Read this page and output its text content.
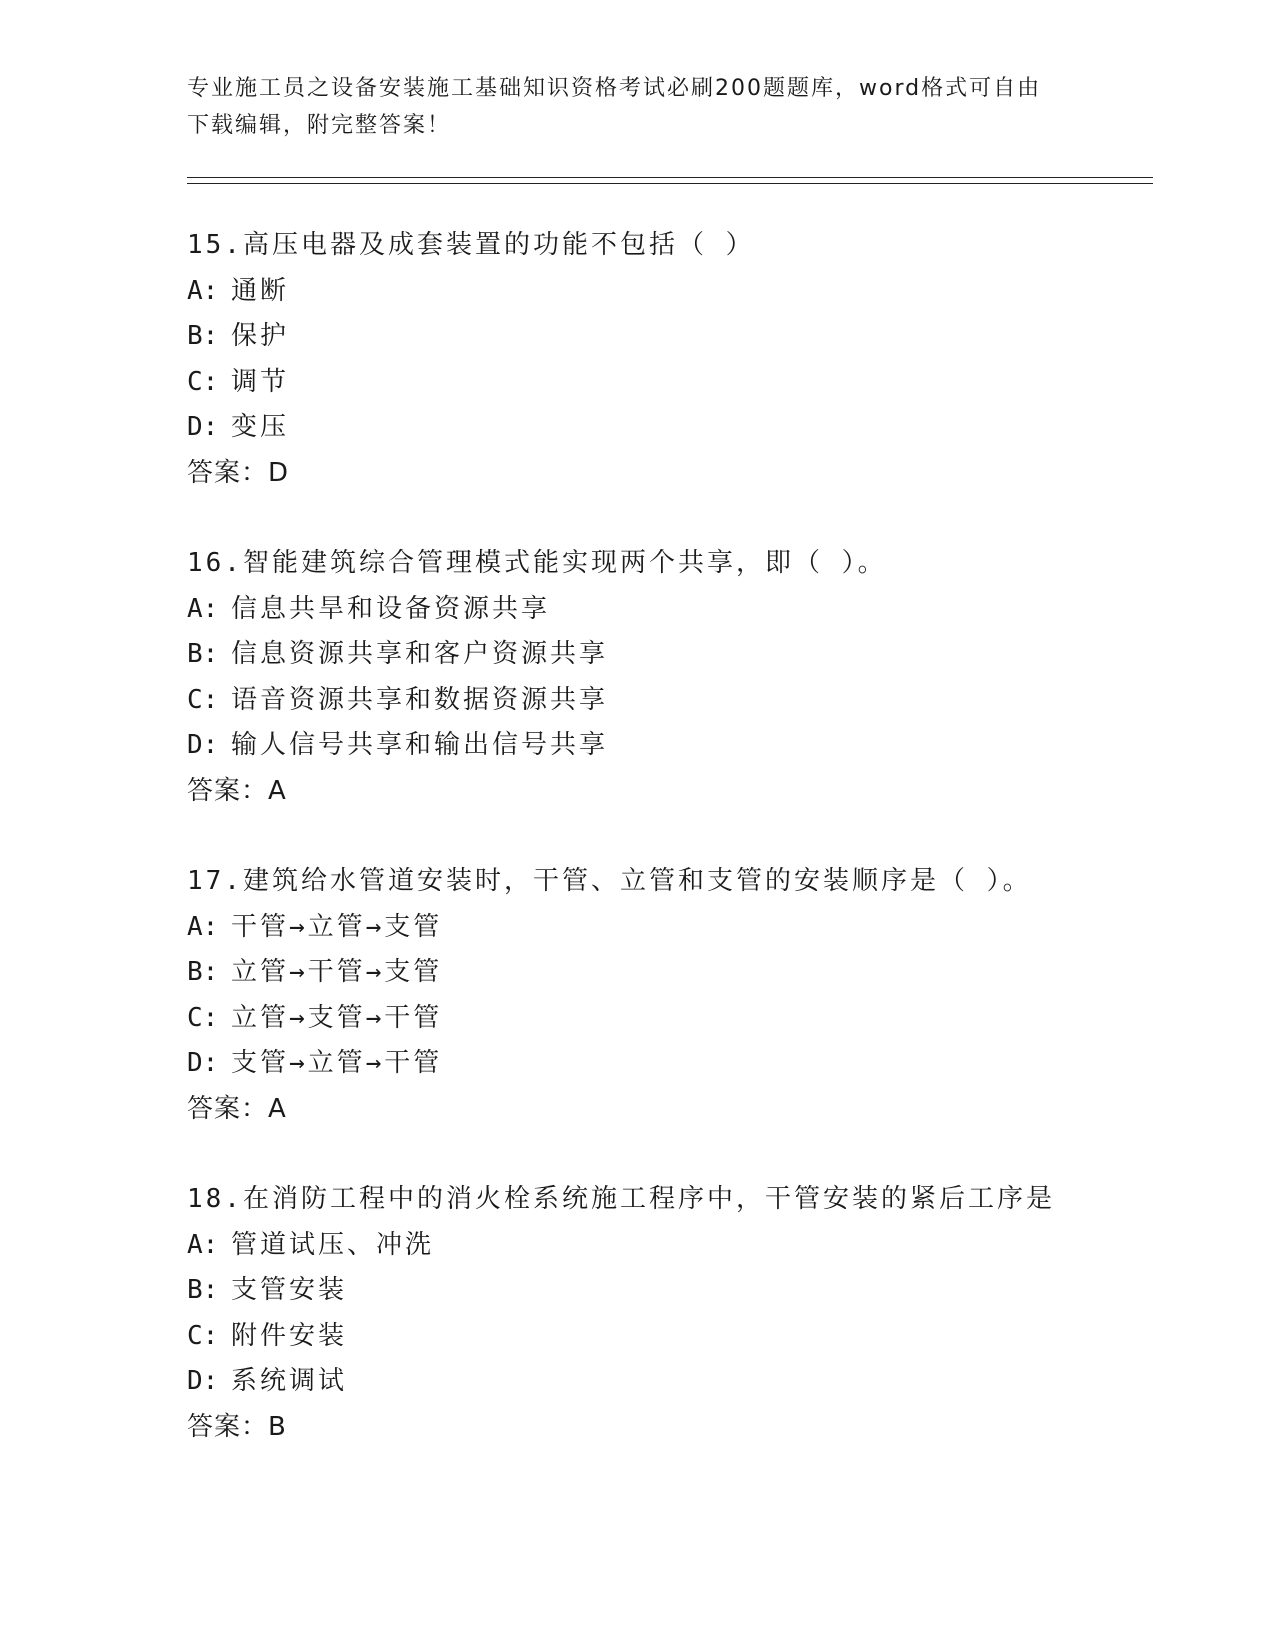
专业施工员之设备安装施工基础知识资格考试必刷200题题库，word格式可自由
下载编辑，附完整答案！
15.高压电器及成套装置的功能不包括（ ）
A: 通断
B: 保护
C: 调节
D: 变压
答案：D
16.智能建筑综合管理模式能实现两个共享，即（ ）。
A: 信息共旱和设备资源共享
B: 信息资源共享和客户资源共享
C: 语音资源共享和数据资源共享
D: 输人信号共享和输出信号共享
答案：A
17.建筑给水管道安装时，干管、立管和支管的安装顺序是（ ）。
A: 干管→立管→支管
B: 立管→干管→支管
C: 立管→支管→干管
D: 支管→立管→干管
答案：A
18.在消防工程中的消火栓系统施工程序中，干管安装的紧后工序是
A: 管道试压、冲洗
B: 支管安装
C: 附件安装
D: 系统调试
答案：B
